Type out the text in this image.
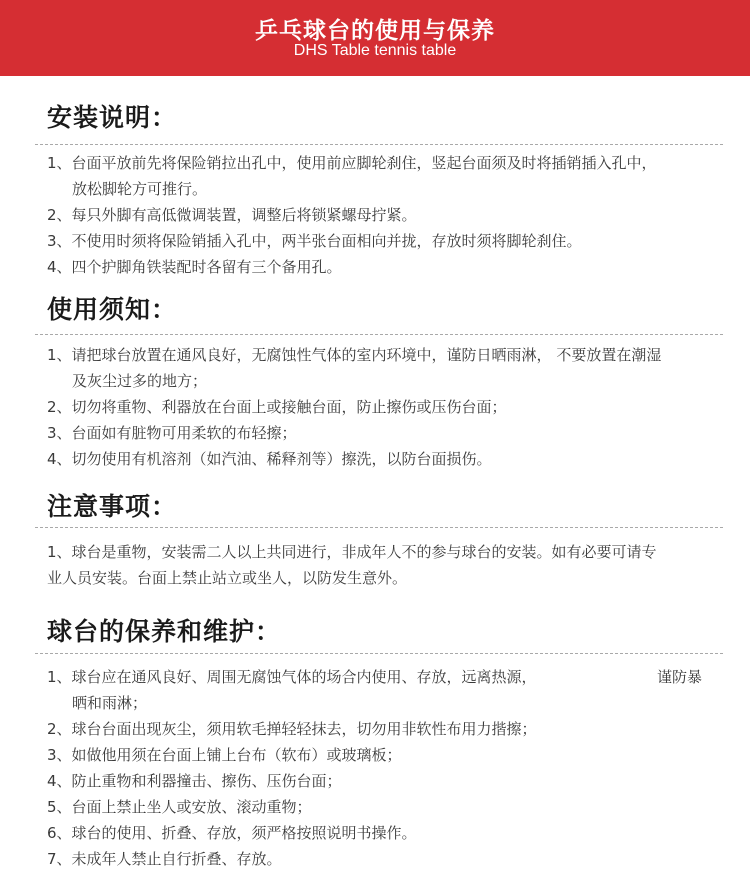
乒乓球台的使用与保养
DHS Table tennis table
安装说明：
1、台面平放前先将保险销拉出孔中，使用前应脚轮刹住，竖起台面须及时将插销插入孔中，
放松脚轮方可推行。
2、每只外脚有高低微调装置，调整后将锁紧螺母拧紧。
3、不使用时须将保险销插入孔中，两半张台面相向并拢，存放时须将脚轮刹住。
4、四个护脚角铁装配时各留有三个备用孔。
使用须知：
1、请把球台放置在通风良好，无腐蚀性气体的室内环境中，谨防日晒雨淋， 不要放置在潮湿
及灰尘过多的地方；
2、切勿将重物、利器放在台面上或接触台面，防止擦伤或压伤台面；
3、台面如有脏物可用柔软的布轻擦；
4、切勿使用有机溶剂（如汽油、稀释剂等）擦洗，以防台面损伤。
注意事项：
1、球台是重物，安装需二人以上共同进行，非成年人不的参与球台的安装。如有必要可请专
业人员安装。台面上禁止站立或坐人，以防发生意外。
球台的保养和维护：
1、球台应在通风良好、周围无腐蚀气体的场合内使用、存放，远离热源，	谨防暴
晒和雨淋；
2、球台台面出现灰尘，须用软毛掸轻轻抹去，切勿用非软性布用力揩擦；
3、如做他用须在台面上铺上台布（软布）或玻璃板；
4、防止重物和利器撞击、擦伤、压伤台面；
5、台面上禁止坐人或安放、滚动重物；
6、球台的使用、折叠、存放，须严格按照说明书操作。
7、未成年人禁止自行折叠、存放。
